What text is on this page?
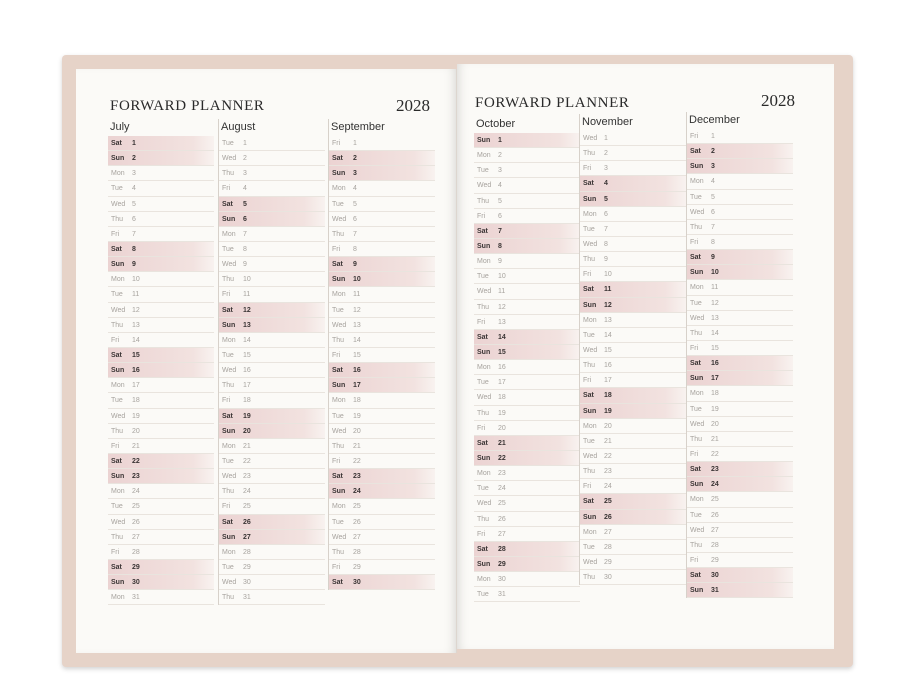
FORWARD PLANNER	2028
July
Sat 1
Sun 2
Mon 3
Tue 4
Wed 5
Thu 6
Fri 7
Sat 8
Sun 9
Mon 10
Tue 11
Wed 12
Thu 13
Fri 14
Sat 15
Sun 16
Mon 17
Tue 18
Wed 19
Thu 20
Fri 21
Sat 22
Sun 23
Mon 24
Tue 25
Wed 26
Thu 27
Fri 28
Sat 29
Sun 30
Mon 31
August
Tue 1
Wed 2
Thu 3
Fri 4
Sat 5
Sun 6
Mon 7
Tue 8
Wed 9
Thu 10
Fri 11
Sat 12
Sun 13
Mon 14
Tue 15
Wed 16
Thu 17
Fri 18
Sat 19
Sun 20
Mon 21
Tue 22
Wed 23
Thu 24
Fri 25
Sat 26
Sun 27
Mon 28
Tue 29
Wed 30
Thu 31
September
Fri 1
Sat 2
Sun 3
Mon 4
Tue 5
Wed 6
Thu 7
Fri 8
Sat 9
Sun 10
Mon 11
Tue 12
Wed 13
Thu 14
Fri 15
Sat 16
Sun 17
Mon 18
Tue 19
Wed 20
Thu 21
Fri 22
Sat 23
Sun 24
Mon 25
Tue 26
Wed 27
Thu 28
Fri 29
Sat 30
FORWARD PLANNER	2028
October
Sun 1
Mon 2
Tue 3
Wed 4
Thu 5
Fri 6
Sat 7
Sun 8
Mon 9
Tue 10
Wed 11
Thu 12
Fri 13
Sat 14
Sun 15
Mon 16
Tue 17
Wed 18
Thu 19
Fri 20
Sat 21
Sun 22
Mon 23
Tue 24
Wed 25
Thu 26
Fri 27
Sat 28
Sun 29
Mon 30
Tue 31
November
Wed 1
Thu 2
Fri 3
Sat 4
Sun 5
Mon 6
Tue 7
Wed 8
Thu 9
Fri 10
Sat 11
Sun 12
Mon 13
Tue 14
Wed 15
Thu 16
Fri 17
Sat 18
Sun 19
Mon 20
Tue 21
Wed 22
Thu 23
Fri 24
Sat 25
Sun 26
Mon 27
Tue 28
Wed 29
Thu 30
December
Fri 1
Sat 2
Sun 3
Mon 4
Tue 5
Wed 6
Thu 7
Fri 8
Sat 9
Sun 10
Mon 11
Tue 12
Wed 13
Thu 14
Fri 15
Sat 16
Sun 17
Mon 18
Tue 19
Wed 20
Thu 21
Fri 22
Sat 23
Sun 24
Mon 25
Tue 26
Wed 27
Thu 28
Fri 29
Sat 30
Sun 31
